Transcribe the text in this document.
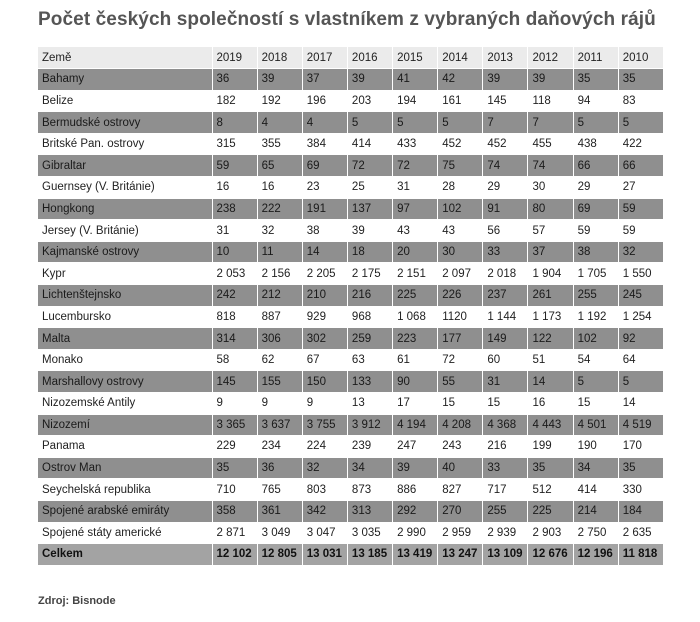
Počet českých společností s vlastníkem z vybraných daňových rájů
Země	2019	2018	2017	2016	2015	2014	2013	2012	2011	2010
Bahamy	36	39	37	39	41	42	39	39	35	35
Belize	182	192	196	203	194	161	145	118	94	83
Bermudské ostrovy	8	4	4	5	5	5	7	7	5	5
Britské Pan. ostrovy	315	355	384	414	433	452	452	455	438	422
Gibraltar	59	65	69	72	72	75	74	74	66	66
Guernsey (V. Británie)	16	16	23	25	31	28	29	30	29	27
Hongkong	238	222	191	137	97	102	91	80	69	59
Jersey (V. Británie)	31	32	38	39	43	43	56	57	59	59
Kajmanské ostrovy	10	11	14	18	20	30	33	37	38	32
Kypr	2 053	2 156	2 205	2 175	2 151	2 097	2 018	1 904	1 705	1 550
Lichtenštejnsko	242	212	210	216	225	226	237	261	255	245
Lucembursko	818	887	929	968	1 068	1120	1 144	1 173	1 192	1 254
Malta	314	306	302	259	223	177	149	122	102	92
Monako	58	62	67	63	61	72	60	51	54	64
Marshallovy ostrovy	145	155	150	133	90	55	31	14	5	5
Nizozemské Antily	9	9	9	13	17	15	15	16	15	14
Nizozemí	3 365	3 637	3 755	3 912	4 194	4 208	4 368	4 443	4 501	4 519
Panama	229	234	224	239	247	243	216	199	190	170
Ostrov Man	35	36	32	34	39	40	33	35	34	35
Seychelská republika	710	765	803	873	886	827	717	512	414	330
Spojené arabské emiráty	358	361	342	313	292	270	255	225	214	184
Spojené státy americké	2 871	3 049	3 047	3 035	2 990	2 959	2 939	2 903	2 750	2 635
Celkem	12 102	12 805	13 031	13 185	13 419	13 247	13 109	12 676	12 196	11 818
Zdroj: Bisnode
